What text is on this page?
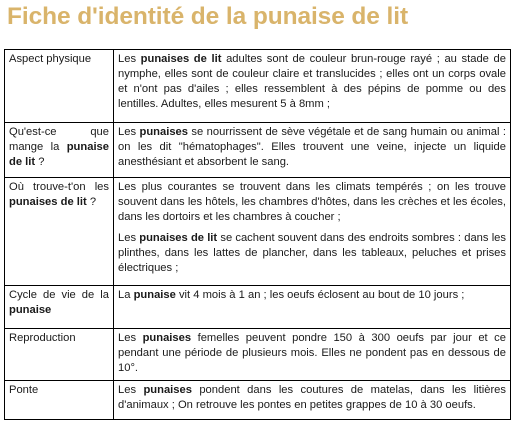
Fiche d'identité de la punaise de lit
Aspect physique	Les punaises de lit adultes sont de couleur brun-rouge rayé ; au stade de nymphe, elles sont de couleur claire et translucides ; elles ont un corps ovale et n'ont pas d'ailes ; elles ressemblent à des pépins de pomme ou des lentilles. Adultes, elles mesurent 5 à 8mm ;

Qu'est-ce que mange la punaise de lit ?	Les punaises se nourrissent de sève végétale et de sang humain ou animal : on les dit "hématophages". Elles trouvent une veine, injecte un liquide anesthésiant et absorbent le sang.

Où trouve-t'on les punaises de lit ?	Les plus courantes se trouvent dans les climats tempérés ; on les trouve souvent dans les hôtels, les chambres d'hôtes, dans les crèches et les écoles, dans les dortoirs et les chambres à coucher ;

Les punaises de lit se cachent souvent dans des endroits sombres : dans les plinthes, dans les lattes de plancher, dans les tableaux, peluches et prises électriques ;

Cycle de vie de la punaise	La punaise vit 4 mois à 1 an ; les oeufs éclosent au bout de 10 jours ;

Reproduction	Les punaises femelles peuvent pondre 150 à 300 oeufs par jour et ce pendant une période de plusieurs mois. Elles ne pondent pas en dessous de 10°.

Ponte	Les punaises pondent dans les coutures de matelas, dans les litières d'animaux ; On retrouve les pontes en petites grappes de 10 à 30 oeufs.
